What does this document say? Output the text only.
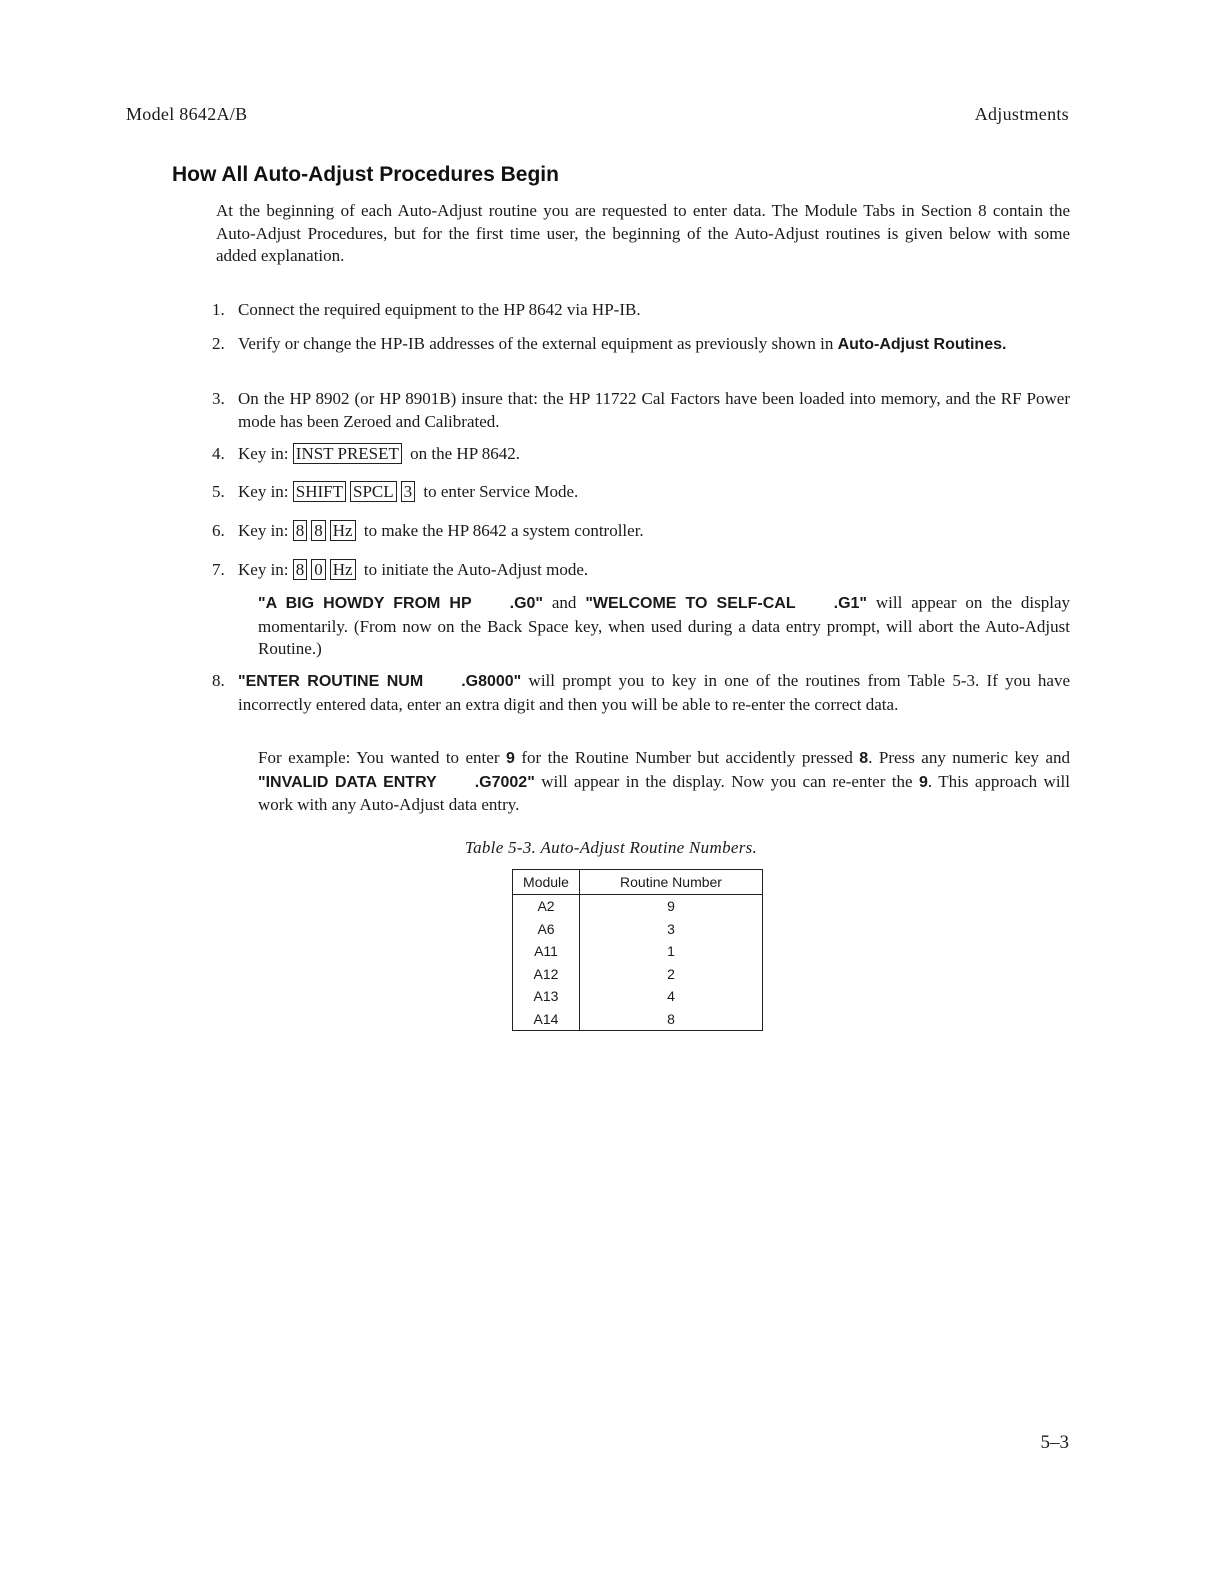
Model 8642A/B	Adjustments
How All Auto-Adjust Procedures Begin
At the beginning of each Auto-Adjust routine you are requested to enter data. The Module Tabs in Section 8 contain the Auto-Adjust Procedures, but for the first time user, the beginning of the Auto-Adjust routines is given below with some added explanation.
1. Connect the required equipment to the HP 8642 via HP-IB.
2. Verify or change the HP-IB addresses of the external equipment as previously shown in Auto-Adjust Routines.
3. On the HP 8902 (or HP 8901B) insure that: the HP 11722 Cal Factors have been loaded into memory, and the RF Power mode has been Zeroed and Calibrated.
4. Key in: INST PRESET on the HP 8642.
5. Key in: SHIFT SPCL 3 to enter Service Mode.
6. Key in: 8 8 Hz to make the HP 8642 a system controller.
7. Key in: 8 0 Hz to initiate the Auto-Adjust mode.
"A BIG HOWDY FROM HP .G0" and "WELCOME TO SELF-CAL .G1" will appear on the display momentarily. (From now on the Back Space key, when used during a data entry prompt, will abort the Auto-Adjust Routine.)
8. "ENTER ROUTINE NUM .G8000" will prompt you to key in one of the routines from Table 5-3. If you have incorrectly entered data, enter an extra digit and then you will be able to re-enter the correct data.
For example: You wanted to enter 9 for the Routine Number but accidently pressed 8. Press any numeric key and "INVALID DATA ENTRY .G7002" will appear in the display. Now you can re-enter the 9. This approach will work with any Auto-Adjust data entry.
Table 5-3. Auto-Adjust Routine Numbers.
Module	Routine Number
A2	9
A6	3
A11	1
A12	2
A13	4
A14	8
5–3
